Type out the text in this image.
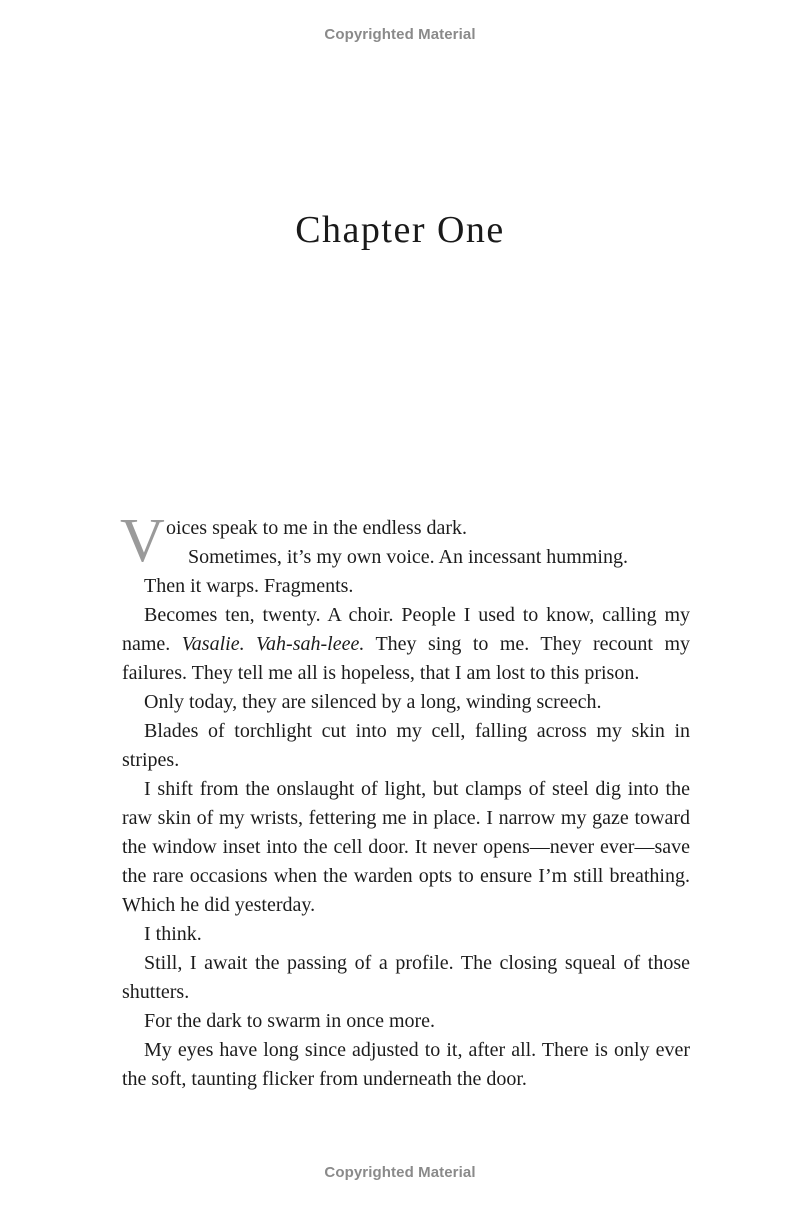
Copyrighted Material
Chapter One

V oices speak to me in the endless dark.

Sometimes, it’s my own voice. An incessant humming.

Then it warps. Fragments.

Becomes ten, twenty. A choir. People I used to know, calling my name. Vasalie. Vah-sah-leee. They sing to me. They recount my failures. They tell me all is hopeless, that I am lost to this prison.

Only today, they are silenced by a long, winding screech.

Blades of torchlight cut into my cell, falling across my skin in stripes.

I shift from the onslaught of light, but clamps of steel dig into the raw skin of my wrists, fettering me in place. I narrow my gaze toward the window inset into the cell door. It never opens—never ever—save the rare occasions when the warden opts to ensure I’m still breathing. Which he did yesterday.

I think.

Still, I await the passing of a profile. The closing squeal of those shutters.

For the dark to swarm in once more.

My eyes have long since adjusted to it, after all. There is only ever the soft, taunting flicker from underneath the door.

Copyrighted Material
